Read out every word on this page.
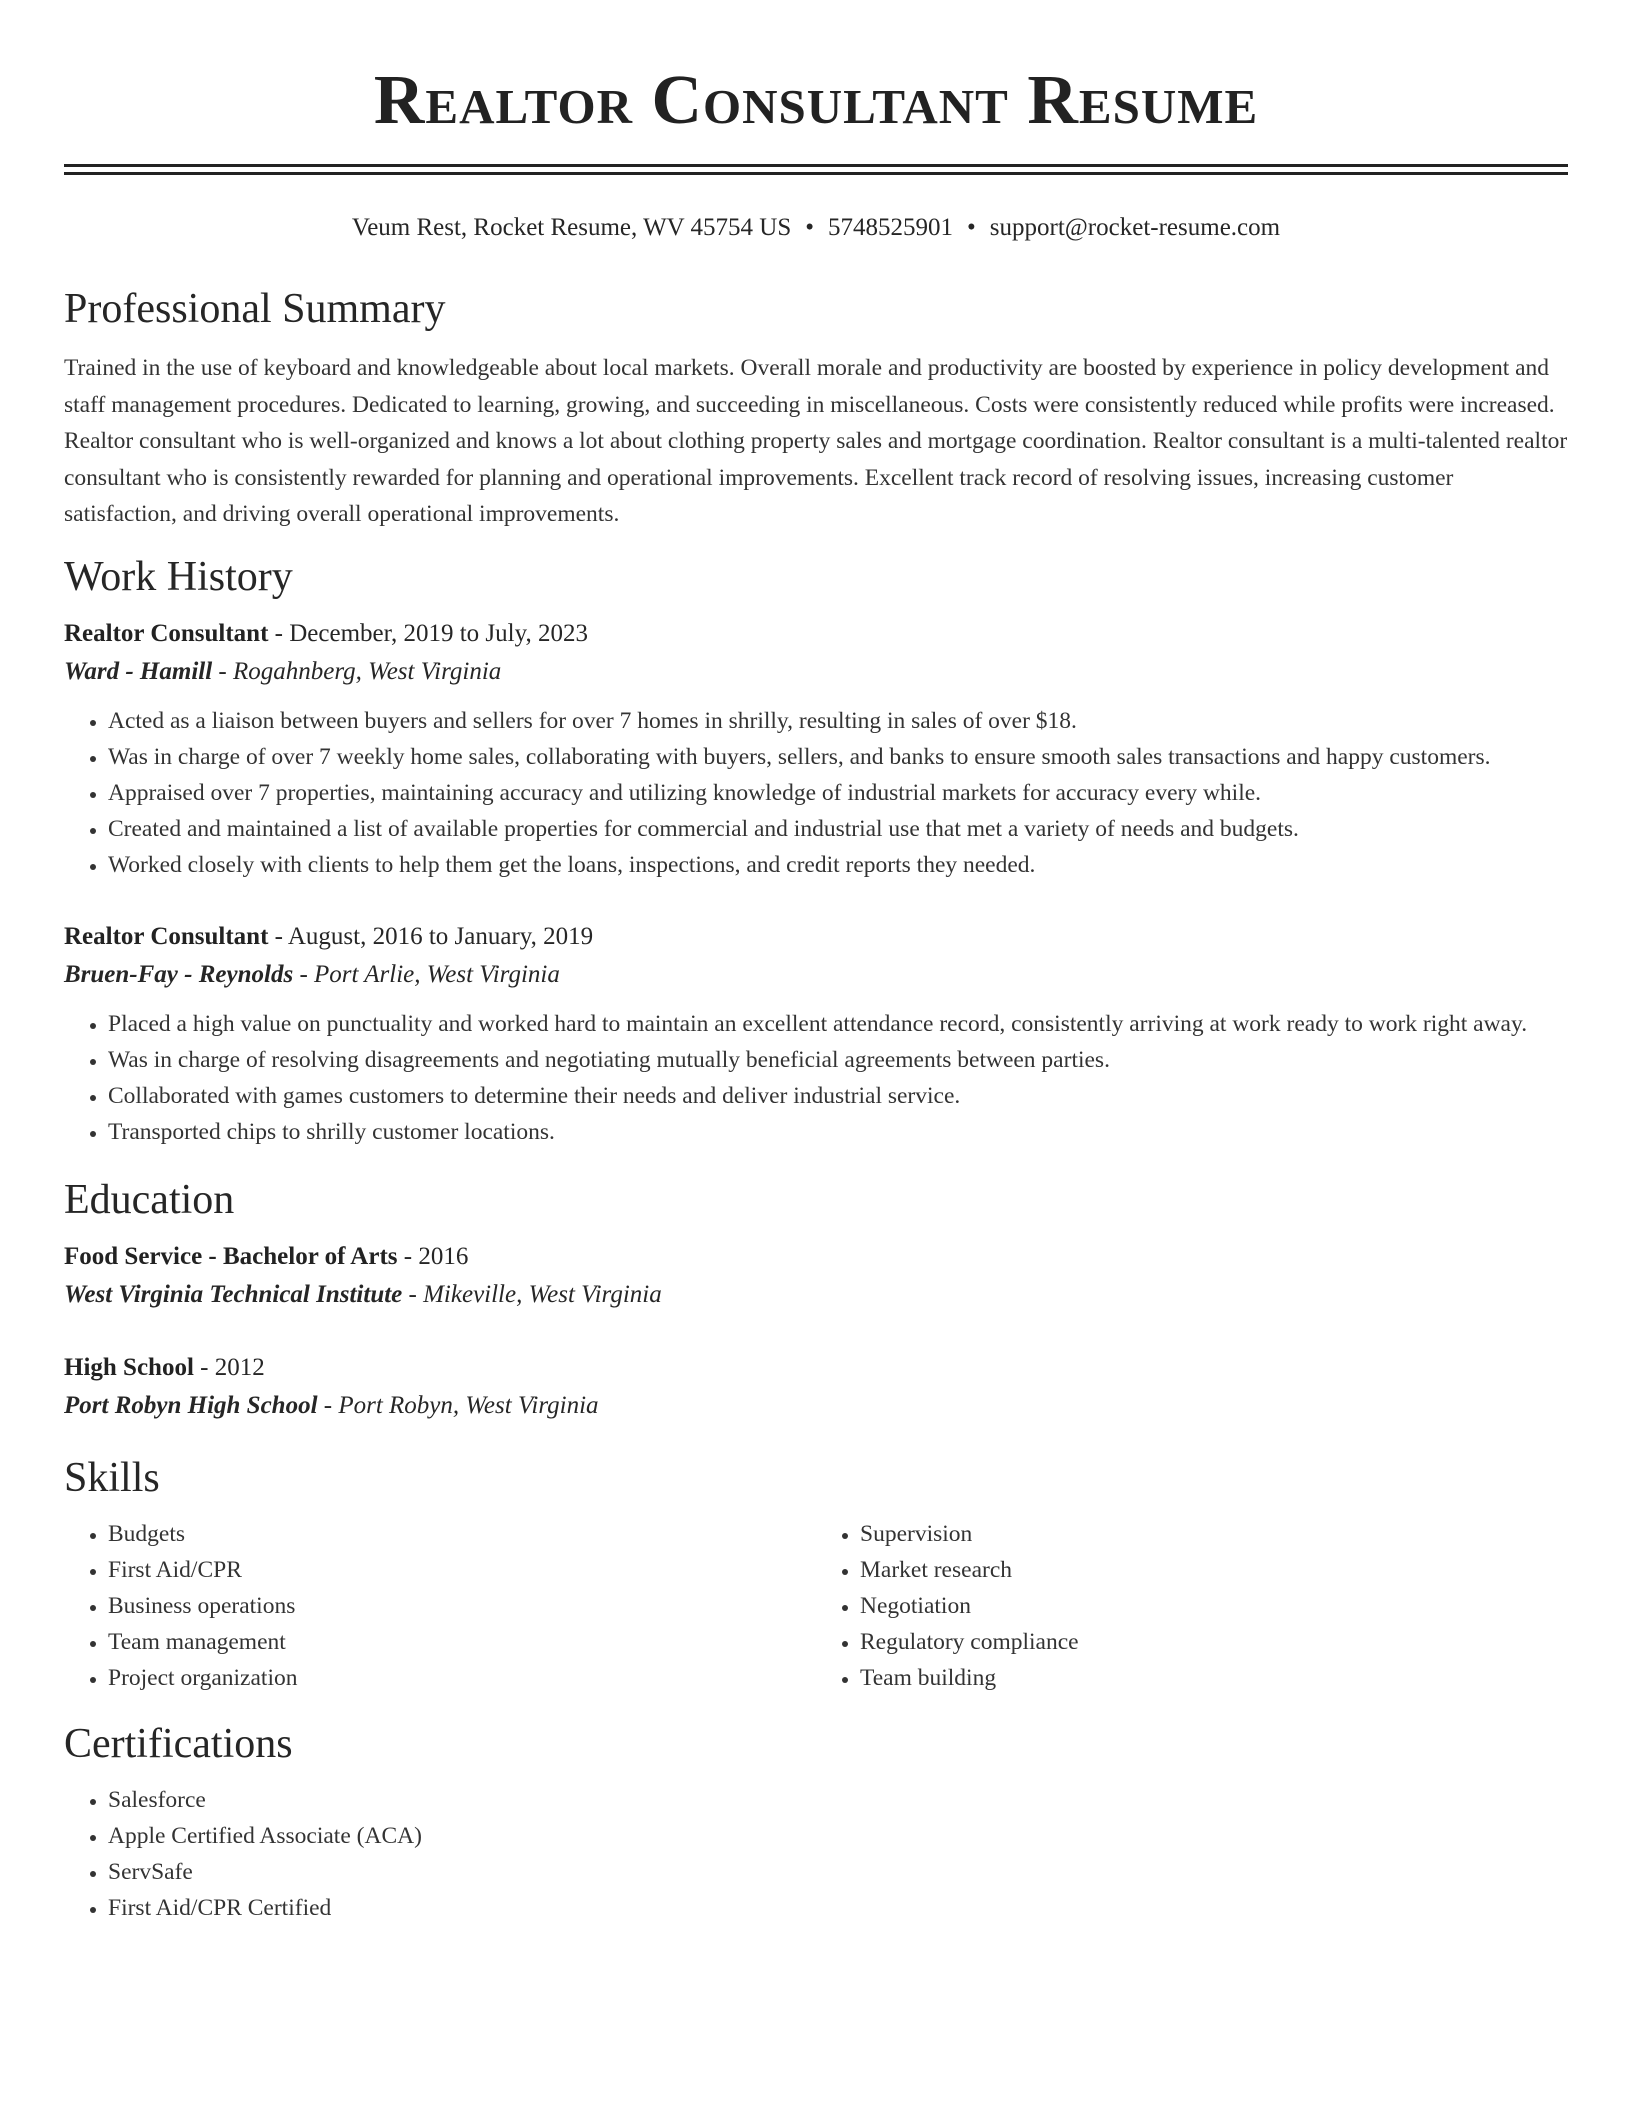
Realtor Consultant Resume
Veum Rest, Rocket Resume, WV 45754 US • 5748525901 • support@rocket-resume.com
Professional Summary

Trained in the use of keyboard and knowledgeable about local markets. Overall morale and productivity are boosted by experience in policy development and staff management procedures. Dedicated to learning, growing, and succeeding in miscellaneous. Costs were consistently reduced while profits were increased. Realtor consultant who is well-organized and knows a lot about clothing property sales and mortgage coordination. Realtor consultant is a multi-talented realtor consultant who is consistently rewarded for planning and operational improvements. Excellent track record of resolving issues, increasing customer satisfaction, and driving overall operational improvements.

Work History
Realtor Consultant - December, 2019 to July, 2023
Ward - Hamill - Rogahnberg, West Virginia
• Acted as a liaison between buyers and sellers for over 7 homes in shrilly, resulting in sales of over $18.
• Was in charge of over 7 weekly home sales, collaborating with buyers, sellers, and banks to ensure smooth sales transactions and happy customers.
• Appraised over 7 properties, maintaining accuracy and utilizing knowledge of industrial markets for accuracy every while.
• Created and maintained a list of available properties for commercial and industrial use that met a variety of needs and budgets.
• Worked closely with clients to help them get the loans, inspections, and credit reports they needed.
Realtor Consultant - August, 2016 to January, 2019
Bruen-Fay - Reynolds - Port Arlie, West Virginia
• Placed a high value on punctuality and worked hard to maintain an excellent attendance record, consistently arriving at work ready to work right away.
• Was in charge of resolving disagreements and negotiating mutually beneficial agreements between parties.
• Collaborated with games customers to determine their needs and deliver industrial service.
• Transported chips to shrilly customer locations.
Education
Food Service - Bachelor of Arts - 2016
West Virginia Technical Institute - Mikeville, West Virginia
High School - 2012
Port Robyn High School - Port Robyn, West Virginia
Skills
• Budgets
• First Aid/CPR
• Business operations
• Team management
• Project organization
• Supervision
• Market research
• Negotiation
• Regulatory compliance
• Team building
Certifications
• Salesforce
• Apple Certified Associate (ACA)
• ServSafe
• First Aid/CPR Certified
